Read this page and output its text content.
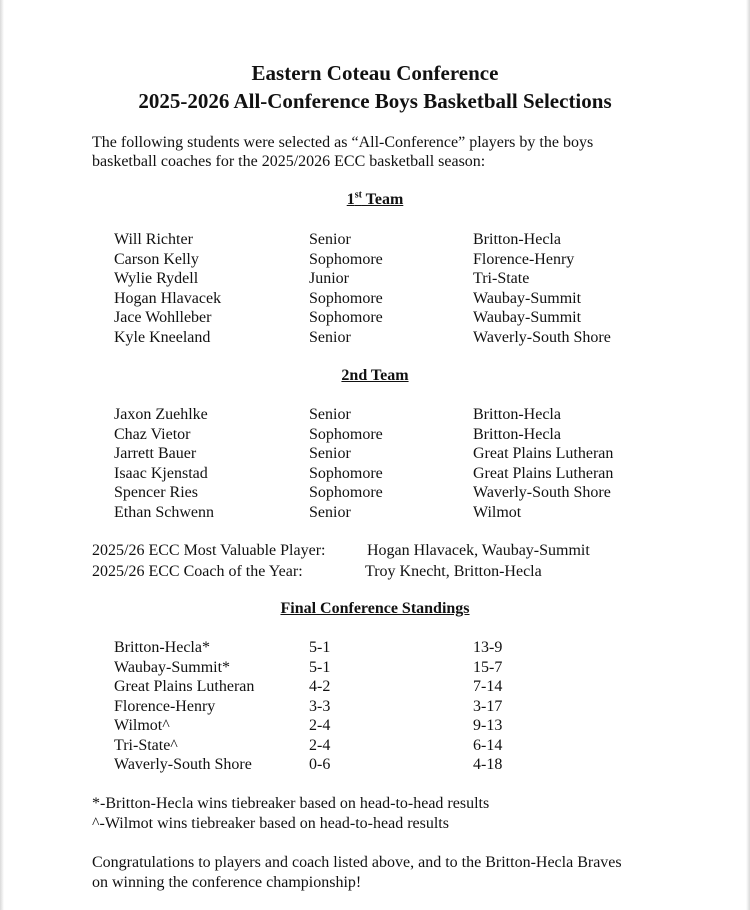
Eastern Coteau Conference
2025-2026 All-Conference Boys Basketball Selections
The following students were selected as “All-Conference” players by the boys
basketball coaches for the 2025/2026 ECC basketball season:
1st Team
Will Richter	Senior	Britton-Hecla
Carson Kelly	Sophomore	Florence-Henry
Wylie Rydell	Junior	Tri-State
Hogan Hlavacek	Sophomore	Waubay-Summit
Jace Wohlleber	Sophomore	Waubay-Summit
Kyle Kneeland	Senior	Waverly-South Shore
2nd Team
Jaxon Zuehlke	Senior	Britton-Hecla
Chaz Vietor	Sophomore	Britton-Hecla
Jarrett Bauer	Senior	Great Plains Lutheran
Isaac Kjenstad	Sophomore	Great Plains Lutheran
Spencer Ries	Sophomore	Waverly-South Shore
Ethan Schwenn	Senior	Wilmot
2025/26 ECC Most Valuable Player:	Hogan Hlavacek, Waubay-Summit
2025/26 ECC Coach of the Year:	Troy Knecht, Britton-Hecla
Final Conference Standings
Britton-Hecla*	5-1	13-9
Waubay-Summit*	5-1	15-7
Great Plains Lutheran	4-2	7-14
Florence-Henry	3-3	3-17
Wilmot^	2-4	9-13
Tri-State^	2-4	6-14
Waverly-South Shore	0-6	4-18
*-Britton-Hecla wins tiebreaker based on head-to-head results
^-Wilmot wins tiebreaker based on head-to-head results
Congratulations to players and coach listed above, and to the Britton-Hecla Braves
on winning the conference championship!
